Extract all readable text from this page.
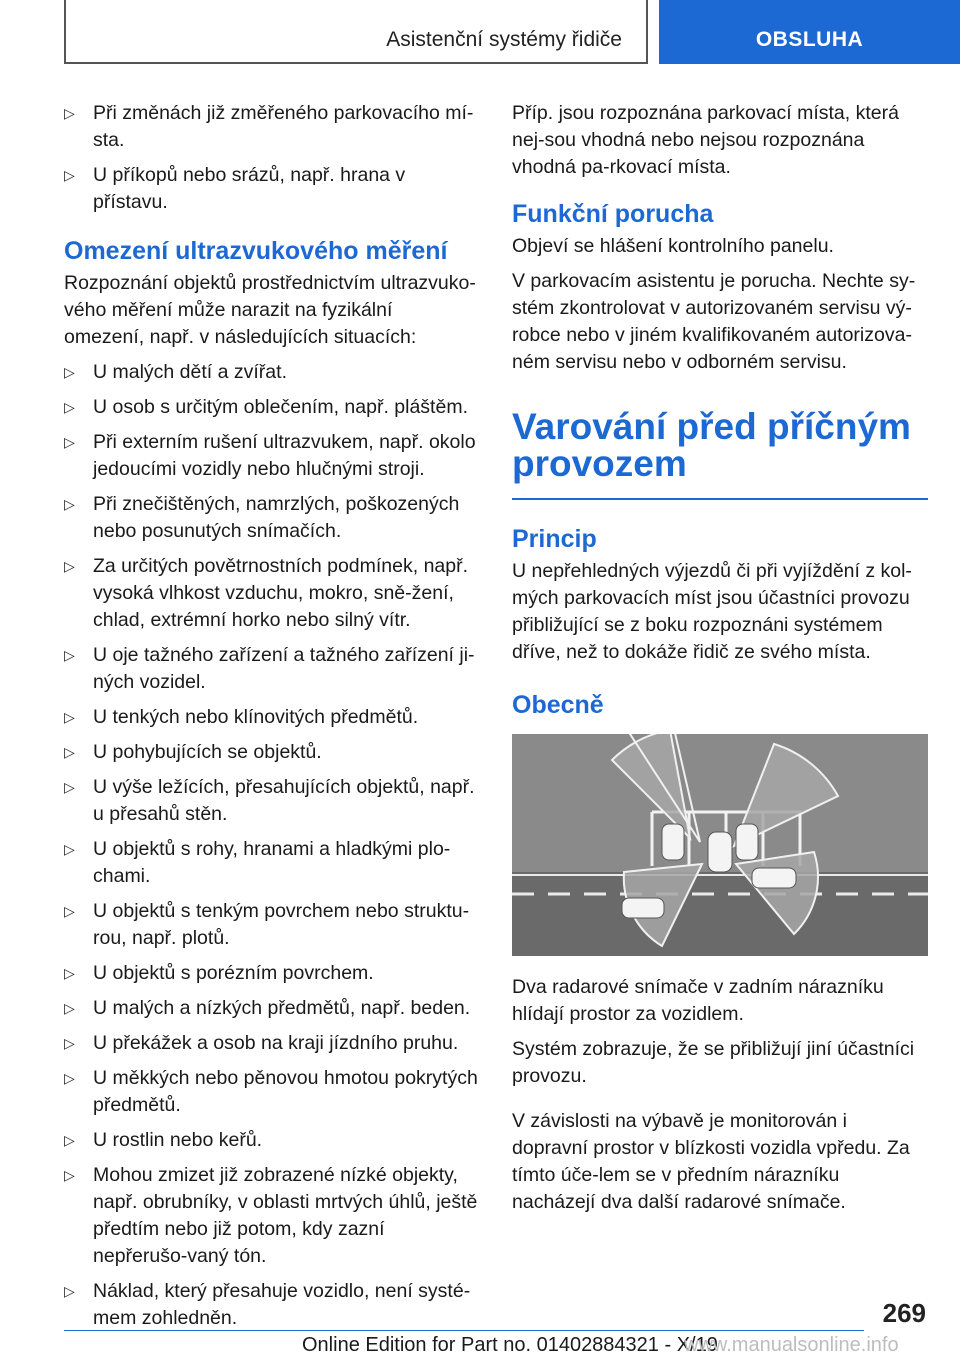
Asistenční systémy řidiče	OBSLUHA
▷ Při změnách již změřeného parkovacího mí-sta.
▷ U příkopů nebo srázů, např. hrana v přístavu.
Omezení ultrazvukového měření

Rozpoznání objektů prostřednictvím ultrazvuko-vého měření může narazit na fyzikální omezení, např. v následujících situacích:

▷ U malých dětí a zvířat.
▷ U osob s určitým oblečením, např. pláštěm.
▷ Při externím rušení ultrazvukem, např. okolo jedoucími vozidly nebo hlučnými stroji.
▷ Při znečištěných, namrzlých, poškozených nebo posunutých snímačích.
▷ Za určitých povětrnostních podmínek, např. vysoká vlhkost vzduchu, mokro, sně-žení, chlad, extrémní horko nebo silný vítr.
▷ U oje tažného zařízení a tažného zařízení ji-ných vozidel.
▷ U tenkých nebo klínovitých předmětů.
▷ U pohybujících se objektů.
▷ U výše ležících, přesahujících objektů, např. u přesahů stěn.
▷ U objektů s rohy, hranami a hladkými plo-chami.
▷ U objektů s tenkým povrchem nebo struktu-rou, např. plotů.
▷ U objektů s porézním povrchem.
▷ U malých a nízkých předmětů, např. beden.
▷ U překážek a osob na kraji jízdního pruhu.
▷ U měkkých nebo pěnovou hmotou pokrytých předmětů.
▷ U rostlin nebo keřů.
▷ Mohou zmizet již zobrazené nízké objekty, např. obrubníky, v oblasti mrtvých úhlů, ještě předtím nebo již potom, kdy zazní nepřerušo-vaný tón.
▷ Náklad, který přesahuje vozidlo, není systé-mem zohledněn.

Příp. jsou rozpoznána parkovací místa, která nej-sou vhodná nebo nejsou rozpoznána vhodná pa-rkovací místa.

Funkční porucha

Objeví se hlášení kontrolního panelu.

V parkovacím asistentu je porucha. Nechte sy-stém zkontrolovat v autorizovaném servisu vý-robce nebo v jiném kvalifikovaném autorizova-ném servisu nebo v odborném servisu.

Varování před příčným
provozem
Princip

U nepřehledných výjezdů či při vyjíždění z kol-mých parkovacích míst jsou účastníci provozu přibližující se z boku rozpoznáni systémem dříve, než to dokáže řidič ze svého místa.

Obecně

Dva radarové snímače v zadním nárazníku hlídají prostor za vozidlem.

Systém zobrazuje, že se přibližují jiní účastníci provozu.

V závislosti na výbavě je monitorován i dopravní prostor v blízkosti vozidla vpředu. Za tímto úče-lem se v předním nárazníku nacházejí dva další radarové snímače.

269
Online Edition for Part no. 01402884321 - X/19
www.manualsonline.info
